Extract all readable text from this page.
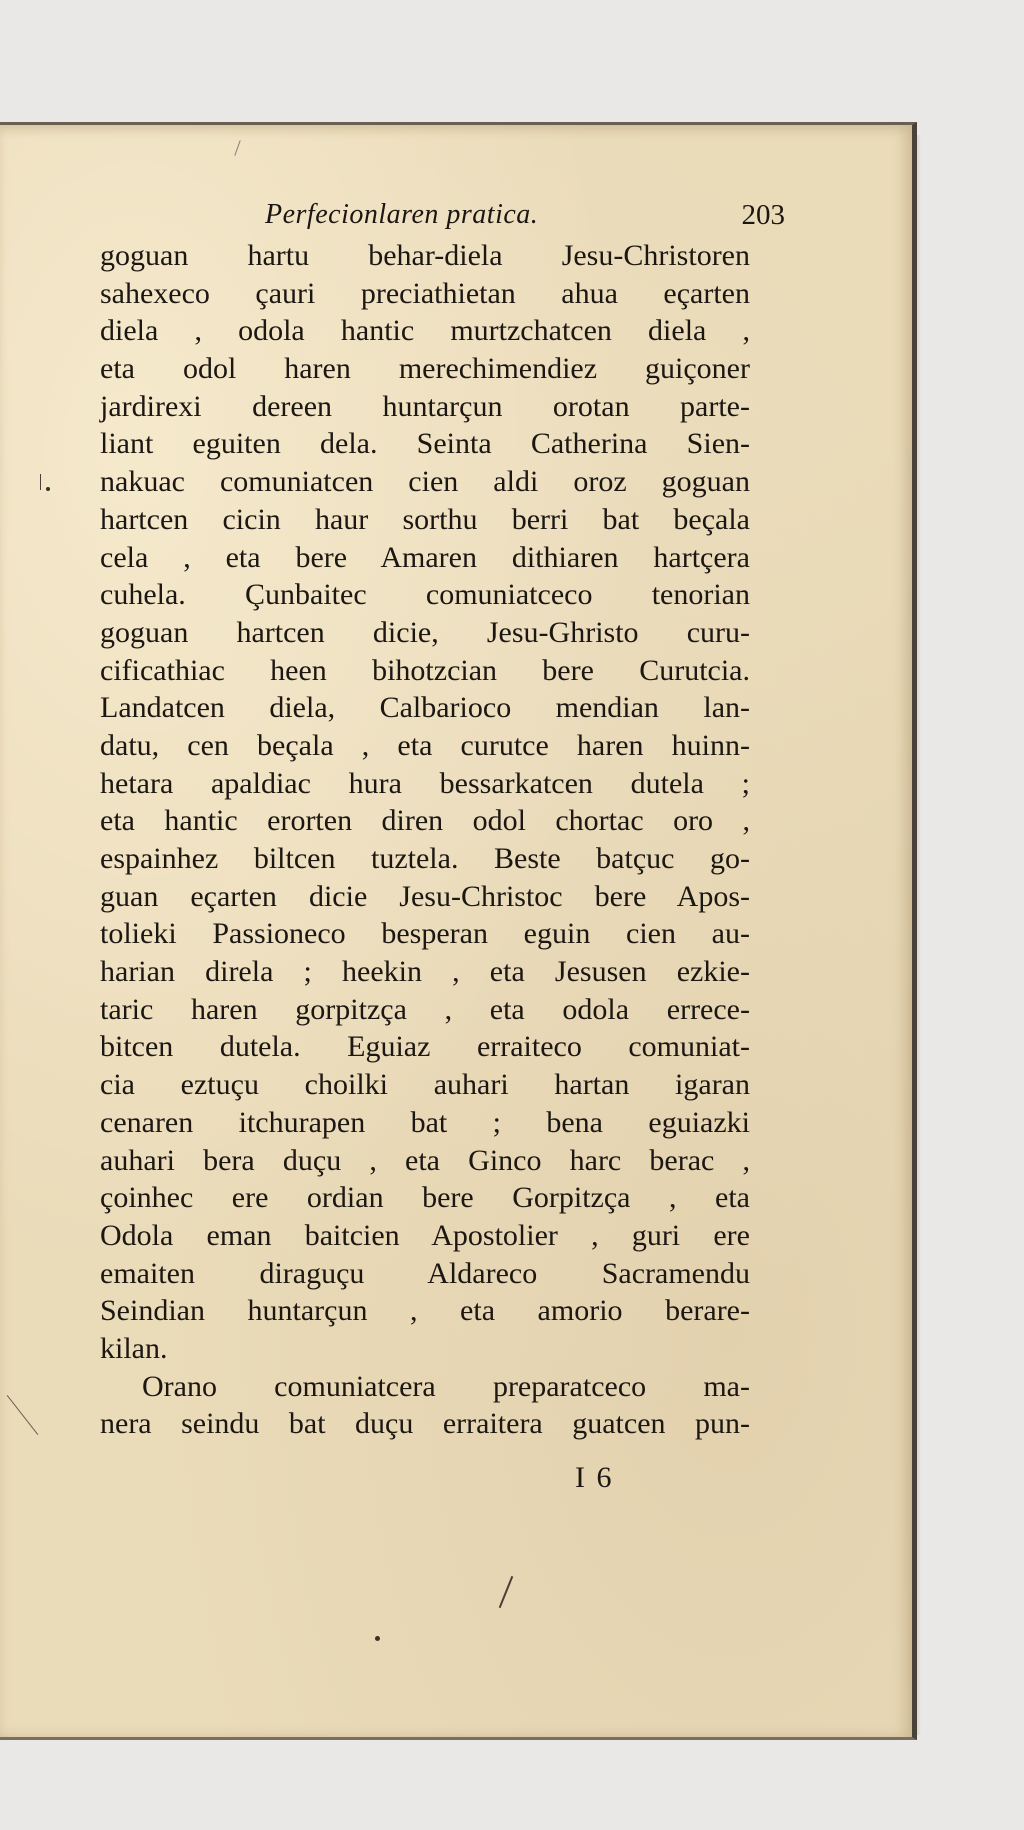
Perfecionlaren pratica.	203
goguan hartu behar-diela Jesu-Christoren
sahexeco çauri preciathietan ahua eçarten
diela , odola hantic murtzchatcen diela ,
eta odol haren merechimendiez guiçoner
jardirexi dereen huntarçun orotan parte-
liant eguiten dela. Seinta Catherina Sien-
nakuac comuniatcen cien aldi oroz goguan
hartcen cicin haur sorthu berri bat beçala
cela , eta bere Amaren dithiaren hartçera
cuhela. Çunbaitec comuniatceco tenorian
goguan hartcen dicie, Jesu-Ghristo curu-
cificathiac heen bihotzcian bere Curutcia.
Landatcen diela, Calbarioco mendian lan-
datu, cen beçala , eta curutce haren huinn-
hetara apaldiac hura bessarkatcen dutela ;
eta hantic erorten diren odol chortac oro ,
espainhez biltcen tuztela. Beste batçuc go-
guan eçarten dicie Jesu-Christoc bere Apos-
tolieki Passioneco besperan eguin cien au-
harian direla ; heekin , eta Jesusen ezkie-
taric haren gorpitzça , eta odola errece-
bitcen dutela. Eguiaz erraiteco comuniat-
cia eztuçu choilki auhari hartan igaran
cenaren itchurapen bat ; bena eguiazki
auhari bera duçu , eta Ginco harc berac ,
çoinhec ere ordian bere Gorpitzça , eta
Odola eman baitcien Apostolier , guri ere
emaiten diraguçu Aldareco Sacramendu
Seindian huntarçun , eta amorio berare-
kilan.
Orano comuniatcera preparatceco ma-
nera seindu bat duçu erraitera guatcen pun-
I 6
